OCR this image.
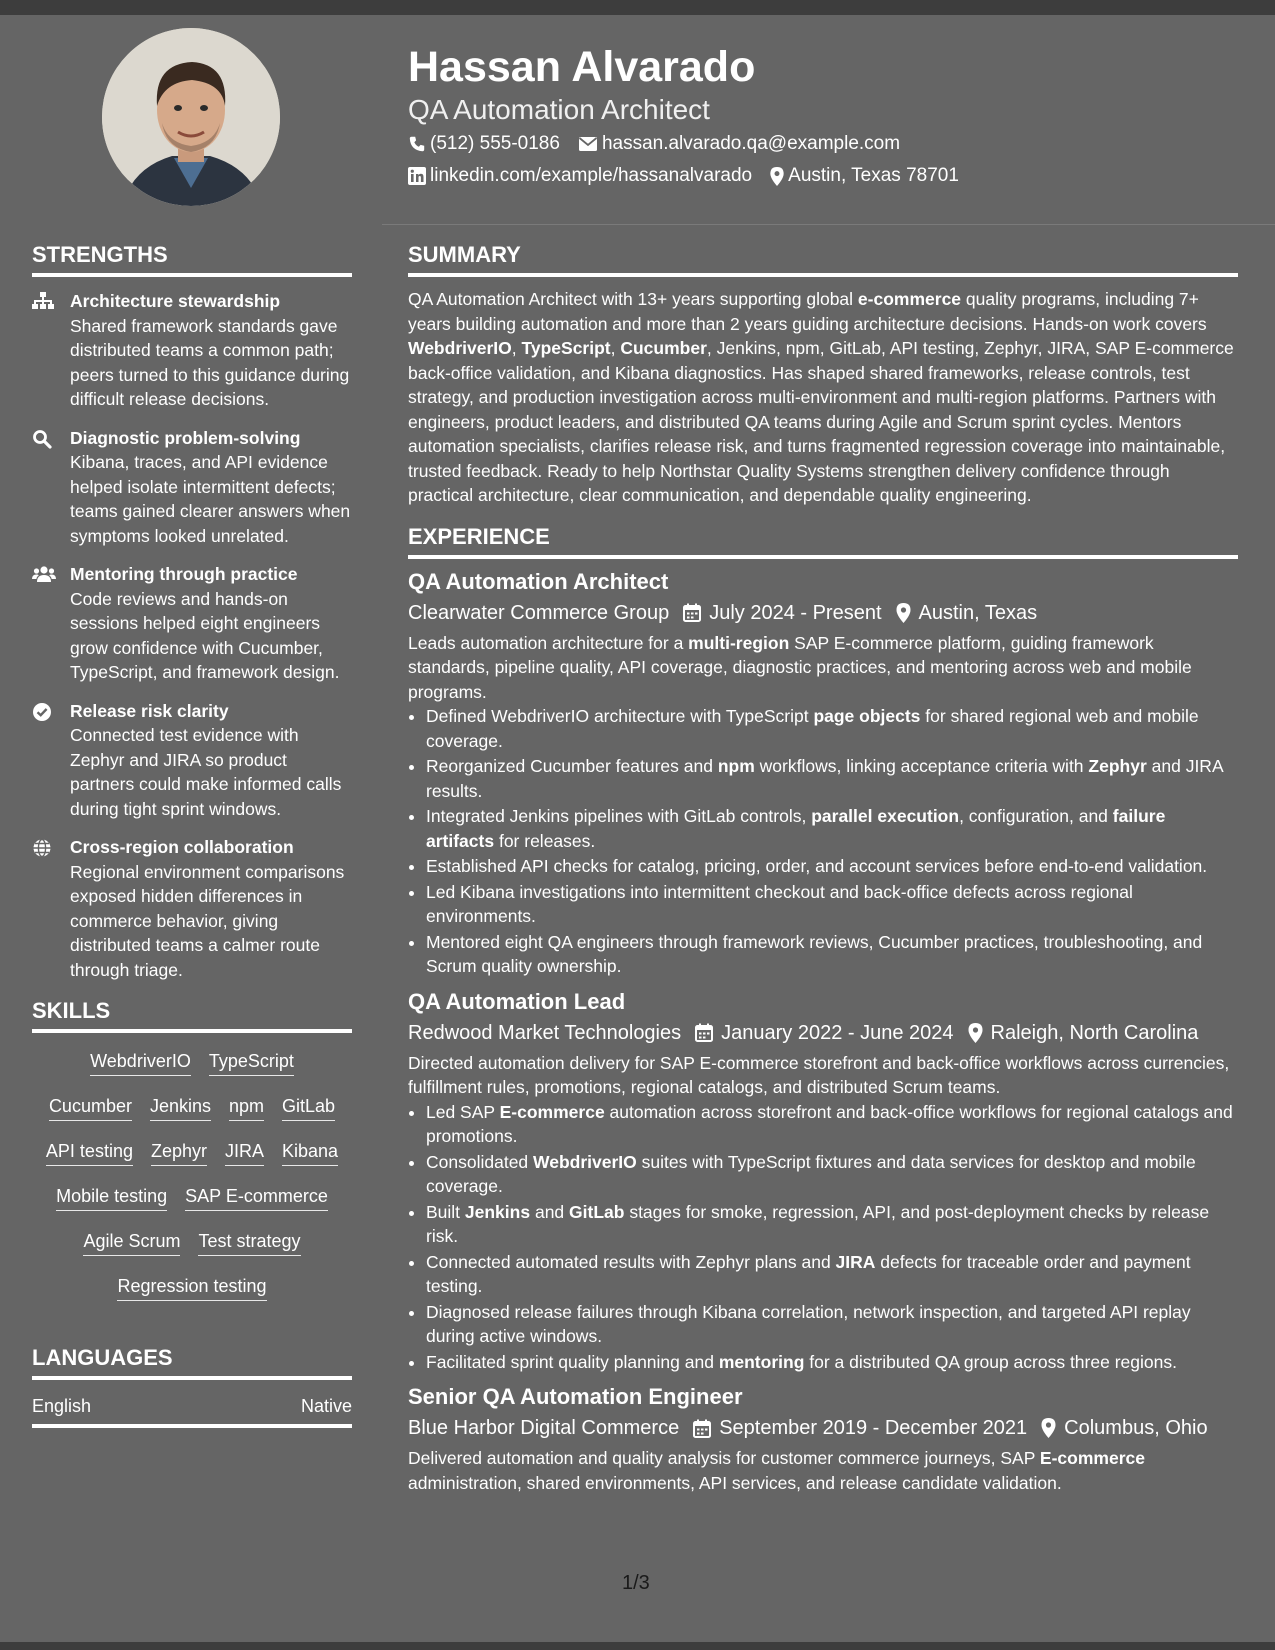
Hassan Alvarado
QA Automation Architect
(512) 555-0186 hassan.alvarado.qa@example.com
linkedin.com/example/hassanalvarado Austin, Texas 78701
STRENGTHS
Architecture stewardship
Shared framework standards gave distributed teams a common path; peers turned to this guidance during difficult release decisions.
Diagnostic problem-solving
Kibana, traces, and API evidence helped isolate intermittent defects; teams gained clearer answers when symptoms looked unrelated.
Mentoring through practice
Code reviews and hands-on sessions helped eight engineers grow confidence with Cucumber, TypeScript, and framework design.
Release risk clarity
Connected test evidence with Zephyr and JIRA so product partners could make informed calls during tight sprint windows.
Cross-region collaboration
Regional environment comparisons exposed hidden differences in commerce behavior, giving distributed teams a calmer route through triage.
SKILLS
WebdriverIO TypeScript
Cucumber Jenkins npm GitLab
API testing Zephyr JIRA Kibana
Mobile testing SAP E-commerce
Agile Scrum Test strategy
Regression testing
LANGUAGES
English	Native
SUMMARY
QA Automation Architect with 13+ years supporting global e-commerce quality programs, including 7+ years building automation and more than 2 years guiding architecture decisions. Hands-on work covers WebdriverIO, TypeScript, Cucumber, Jenkins, npm, GitLab, API testing, Zephyr, JIRA, SAP E-commerce back-office validation, and Kibana diagnostics. Has shaped shared frameworks, release controls, test strategy, and production investigation across multi-environment and multi-region platforms. Partners with engineers, product leaders, and distributed QA teams during Agile and Scrum sprint cycles. Mentors automation specialists, clarifies release risk, and turns fragmented regression coverage into maintainable, trusted feedback. Ready to help Northstar Quality Systems strengthen delivery confidence through practical architecture, clear communication, and dependable quality engineering.
EXPERIENCE
QA Automation Architect
Clearwater Commerce Group July 2024 - Present Austin, Texas
Leads automation architecture for a multi-region SAP E-commerce platform, guiding framework standards, pipeline quality, API coverage, diagnostic practices, and mentoring across web and mobile programs.
• Defined WebdriverIO architecture with TypeScript page objects for shared regional web and mobile coverage.
• Reorganized Cucumber features and npm workflows, linking acceptance criteria with Zephyr and JIRA results.
• Integrated Jenkins pipelines with GitLab controls, parallel execution, configuration, and failure artifacts for releases.
• Established API checks for catalog, pricing, order, and account services before end-to-end validation.
• Led Kibana investigations into intermittent checkout and back-office defects across regional environments.
• Mentored eight QA engineers through framework reviews, Cucumber practices, troubleshooting, and Scrum quality ownership.
QA Automation Lead
Redwood Market Technologies January 2022 - June 2024 Raleigh, North Carolina
Directed automation delivery for SAP E-commerce storefront and back-office workflows across currencies, fulfillment rules, promotions, regional catalogs, and distributed Scrum teams.
• Led SAP E-commerce automation across storefront and back-office workflows for regional catalogs and promotions.
• Consolidated WebdriverIO suites with TypeScript fixtures and data services for desktop and mobile coverage.
• Built Jenkins and GitLab stages for smoke, regression, API, and post-deployment checks by release risk.
• Connected automated results with Zephyr plans and JIRA defects for traceable order and payment testing.
• Diagnosed release failures through Kibana correlation, network inspection, and targeted API replay during active windows.
• Facilitated sprint quality planning and mentoring for a distributed QA group across three regions.
Senior QA Automation Engineer
Blue Harbor Digital Commerce September 2019 - December 2021 Columbus, Ohio
Delivered automation and quality analysis for customer commerce journeys, SAP E-commerce administration, shared environments, API services, and release candidate validation.
1/3
